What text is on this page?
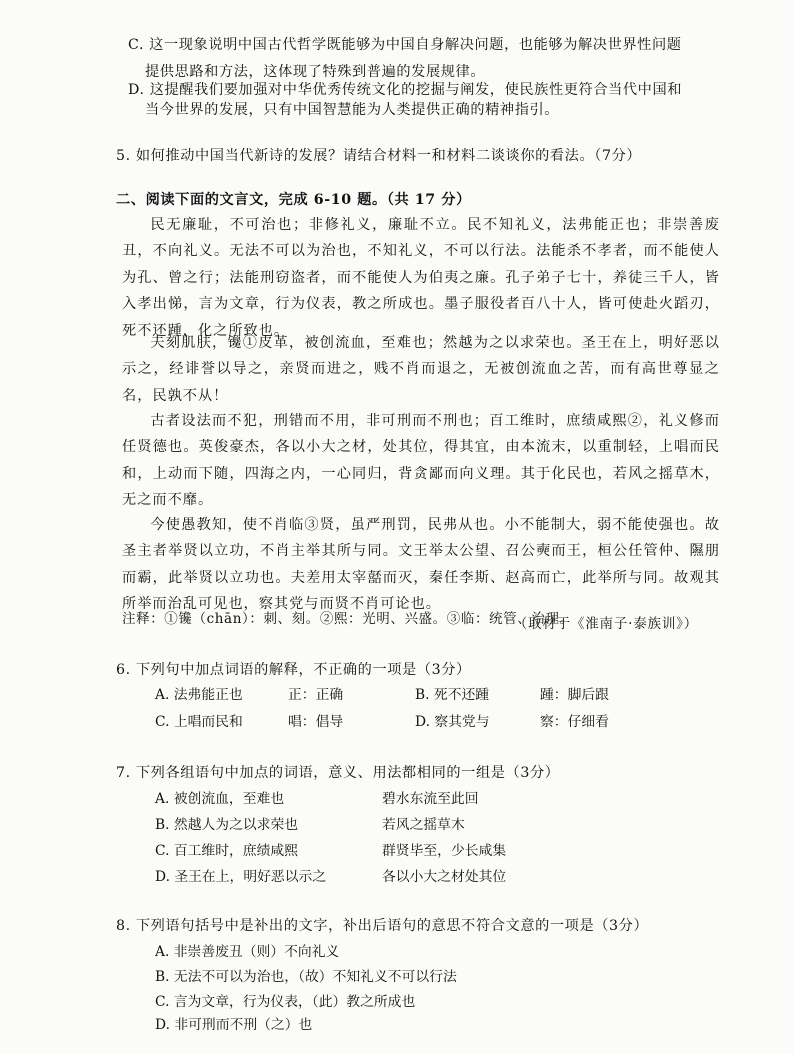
C. 这一现象说明中国古代哲学既能够为中国自身解决问题，也能够为解决世界性问题
提供思路和方法，这体现了特殊到普遍的发展规律。
D. 这提醒我们要加强对中华优秀传统文化的挖掘与阐发，使民族性更符合当代中国和
当今世界的发展，只有中国智慧能为人类提供正确的精神指引。
5. 如何推动中国当代新诗的发展？请结合材料一和材料二谈谈你的看法。（7分）
二、阅读下面的文言文，完成 6-10 题。（共 17 分）
民无廉耻，不可治也；非修礼义，廉耻不立。民不知礼义，法弗能正也；非崇善废丑，不向礼义。无法不可以为治也，不知礼义，不可以行法。法能杀不孝者，而不能使人为孔、曾之行；法能刑窃盗者，而不能使人为伯夷之廉。孔子弟子七十，养徒三千人，皆入孝出悌，言为文章，行为仪表，教之所成也。墨子服役者百八十人，皆可使赴火蹈刃，死不还踵，化之所致也。
夫刻肌肤，镵①皮革，被创流血，至难也；然越为之以求荣也。圣王在上，明好恶以示之，经诽誉以导之，亲贤而进之，贱不肖而退之，无被创流血之苦，而有高世尊显之名，民孰不从！
古者设法而不犯，刑错而不用，非可刑而不刑也；百工维时，庶绩咸熙②，礼义修而任贤德也。英俊豪杰，各以小大之材，处其位，得其宜，由本流末，以重制轻，上唱而民和，上动而下随，四海之内，一心同归，背贪鄙而向义理。其于化民也，若风之摇草木，无之而不靡。
今使愚教知，使不肖临③贤，虽严刑罚，民弗从也。小不能制大，弱不能使强也。故圣主者举贤以立功，不肖主举其所与同。文王举太公望、召公奭而王，桓公任管仲、隰朋而霸，此举贤以立功也。夫差用太宰嚭而灭，秦任李斯、赵高而亡，此举所与同。故观其所举而治乱可见也，察其党与而贤不肖可论也。
（取材于《淮南子·泰族训》）
注释：①镵（chān）：刺、刻。②熙：光明、兴盛。③临：统管、治理。
6. 下列句中加点词语的解释，不正确的一项是（3分）
A. 法弗能正也	正：正确	B. 死不还踵	踵：脚后跟
C. 上唱而民和	唱：倡导	D. 察其党与	察：仔细看
7. 下列各组语句中加点的词语，意义、用法都相同的一组是（3分）
A. 被创流血，至难也	碧水东流至此回
B. 然越人为之以求荣也	若风之摇草木
C. 百工维时，庶绩咸熙	群贤毕至，少长咸集
D. 圣王在上，明好恶以示之	各以小大之材处其位
8. 下列语句括号中是补出的文字，补出后语句的意思不符合文意的一项是（3分）
A. 非崇善废丑（则）不向礼义
B. 无法不可以为治也，（故）不知礼义不可以行法
C. 言为文章，行为仪表，（此）教之所成也
D. 非可刑而不刑（之）也
